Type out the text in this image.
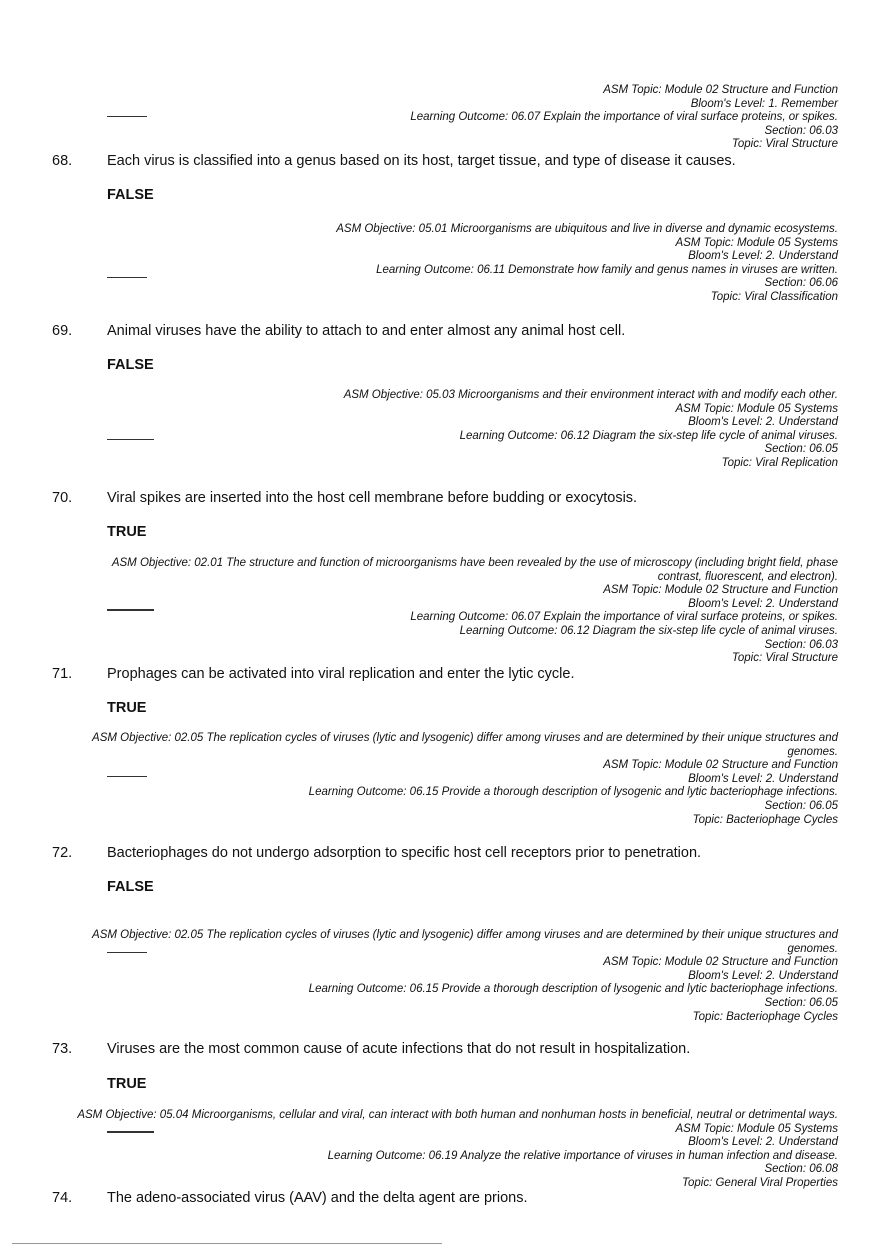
ASM Topic: Module 02 Structure and Function
Bloom's Level: 1. Remember
Learning Outcome: 06.07 Explain the importance of viral surface proteins, or spikes.
Section: 06.03
Topic: Viral Structure
68. Each virus is classified into a genus based on its host, target tissue, and type of disease it causes.
FALSE
ASM Objective: 05.01 Microorganisms are ubiquitous and live in diverse and dynamic ecosystems.
ASM Topic: Module 05 Systems
Bloom's Level: 2. Understand
Learning Outcome: 06.11 Demonstrate how family and genus names in viruses are written.
Section: 06.06
Topic: Viral Classification
69. Animal viruses have the ability to attach to and enter almost any animal host cell.
FALSE
ASM Objective: 05.03 Microorganisms and their environment interact with and modify each other.
ASM Topic: Module 05 Systems
Bloom's Level: 2. Understand
Learning Outcome: 06.12 Diagram the six-step life cycle of animal viruses.
Section: 06.05
Topic: Viral Replication
70. Viral spikes are inserted into the host cell membrane before budding or exocytosis.
TRUE
ASM Objective: 02.01 The structure and function of microorganisms have been revealed by the use of microscopy (including bright field, phase
contrast, fluorescent, and electron).
ASM Topic: Module 02 Structure and Function
Bloom's Level: 2. Understand
Learning Outcome: 06.07 Explain the importance of viral surface proteins, or spikes.
Learning Outcome: 06.12 Diagram the six-step life cycle of animal viruses.
Section: 06.03
Topic: Viral Structure
71. Prophages can be activated into viral replication and enter the lytic cycle.
TRUE
ASM Objective: 02.05 The replication cycles of viruses (lytic and lysogenic) differ among viruses and are determined by their unique structures and
genomes.
ASM Topic: Module 02 Structure and Function
Bloom's Level: 2. Understand
Learning Outcome: 06.15 Provide a thorough description of lysogenic and lytic bacteriophage infections.
Section: 06.05
Topic: Bacteriophage Cycles
72. Bacteriophages do not undergo adsorption to specific host cell receptors prior to penetration.
FALSE
ASM Objective: 02.05 The replication cycles of viruses (lytic and lysogenic) differ among viruses and are determined by their unique structures and
genomes.
ASM Topic: Module 02 Structure and Function
Bloom's Level: 2. Understand
Learning Outcome: 06.15 Provide a thorough description of lysogenic and lytic bacteriophage infections.
Section: 06.05
Topic: Bacteriophage Cycles
73. Viruses are the most common cause of acute infections that do not result in hospitalization.
TRUE
ASM Objective: 05.04 Microorganisms, cellular and viral, can interact with both human and nonhuman hosts in beneficial, neutral or detrimental ways.
ASM Topic: Module 05 Systems
Bloom's Level: 2. Understand
Learning Outcome: 06.19 Analyze the relative importance of viruses in human infection and disease.
Section: 06.08
Topic: General Viral Properties
74. The adeno-associated virus (AAV) and the delta agent are prions.
